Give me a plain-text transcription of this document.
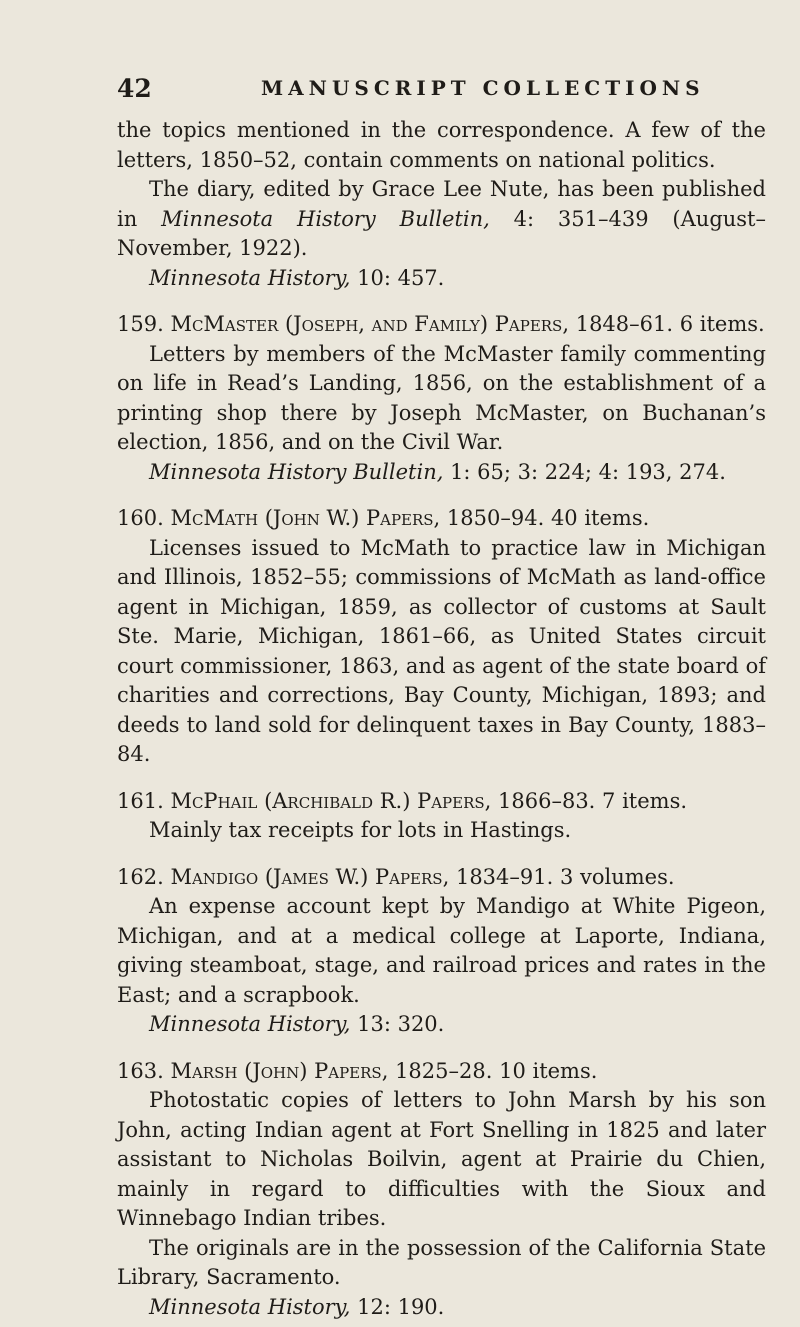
42	MANUSCRIPT COLLECTIONS

the topics mentioned in the correspondence. A few of the letters, 1850–52, contain comments on national politics.

The diary, edited by Grace Lee Nute, has been published in Minnesota History Bulletin, 4: 351–439 (August–November, 1922).

Minnesota History, 10: 457.

159. McMaster (Joseph, and Family) Papers, 1848–61. 6 items.

Letters by members of the McMaster family commenting on life in Read’s Landing, 1856, on the establishment of a printing shop there by Joseph McMaster, on Buchanan’s election, 1856, and on the Civil War.

Minnesota History Bulletin, 1: 65; 3: 224; 4: 193, 274.

160. McMath (John W.) Papers, 1850–94. 40 items.

Licenses issued to McMath to practice law in Michigan and Illinois, 1852–55; commissions of McMath as land-office agent in Michigan, 1859, as collector of customs at Sault Ste. Marie, Michigan, 1861–66, as United States circuit court commissioner, 1863, and as agent of the state board of charities and corrections, Bay County, Michigan, 1893; and deeds to land sold for delinquent taxes in Bay County, 1883–84.

161. McPhail (Archibald R.) Papers, 1866–83. 7 items.

Mainly tax receipts for lots in Hastings.

162. Mandigo (James W.) Papers, 1834–91. 3 volumes.

An expense account kept by Mandigo at White Pigeon, Michigan, and at a medical college at Laporte, Indiana, giving steamboat, stage, and railroad prices and rates in the East; and a scrapbook.

Minnesota History, 13: 320.

163. Marsh (John) Papers, 1825–28. 10 items.

Photostatic copies of letters to John Marsh by his son John, acting Indian agent at Fort Snelling in 1825 and later assistant to Nicholas Boilvin, agent at Prairie du Chien, mainly in regard to difficulties with the Sioux and Winnebago Indian tribes.

The originals are in the possession of the California State Library, Sacramento.

Minnesota History, 12: 190.
